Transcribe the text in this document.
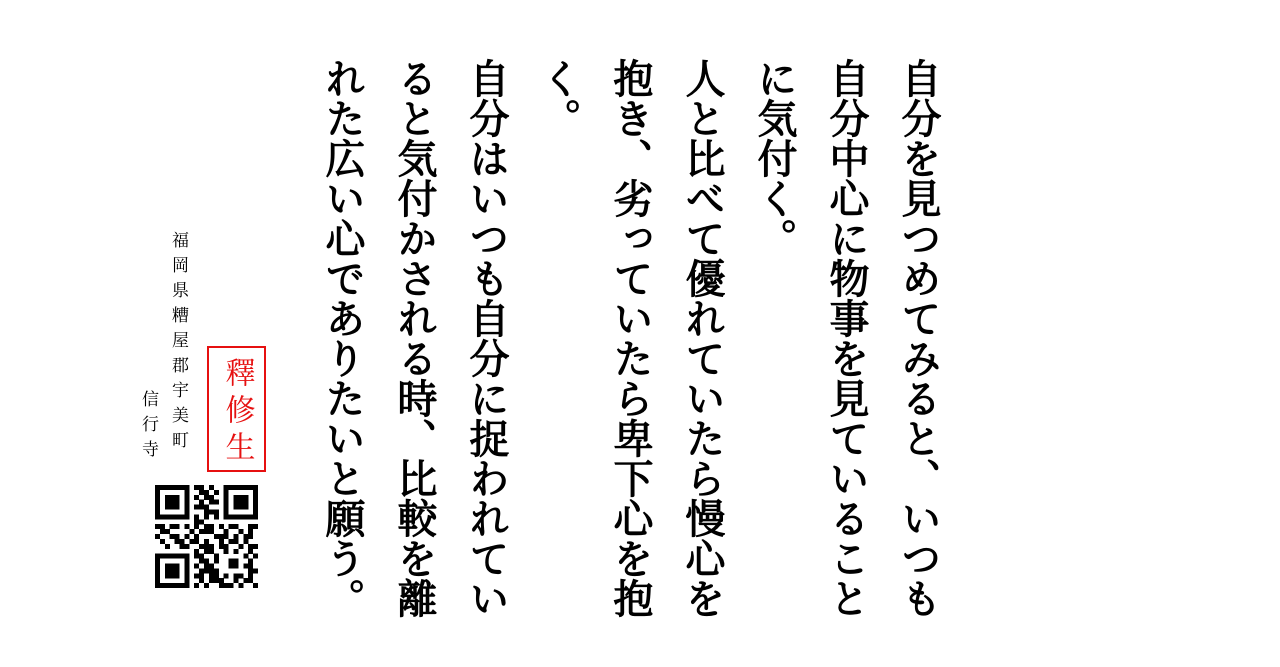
自分を見つめてみると、いつも
自分中心に物事を見ていること
に気付く。
人と比べて優れていたら慢心を
抱き、劣っていたら卑下心を抱
く。
自分はいつも自分に捉われてい
ると気付かされる時、比較を離
れた広い心でありたいと願う。
福岡県糟屋郡宇美町
信行寺 釋修生
